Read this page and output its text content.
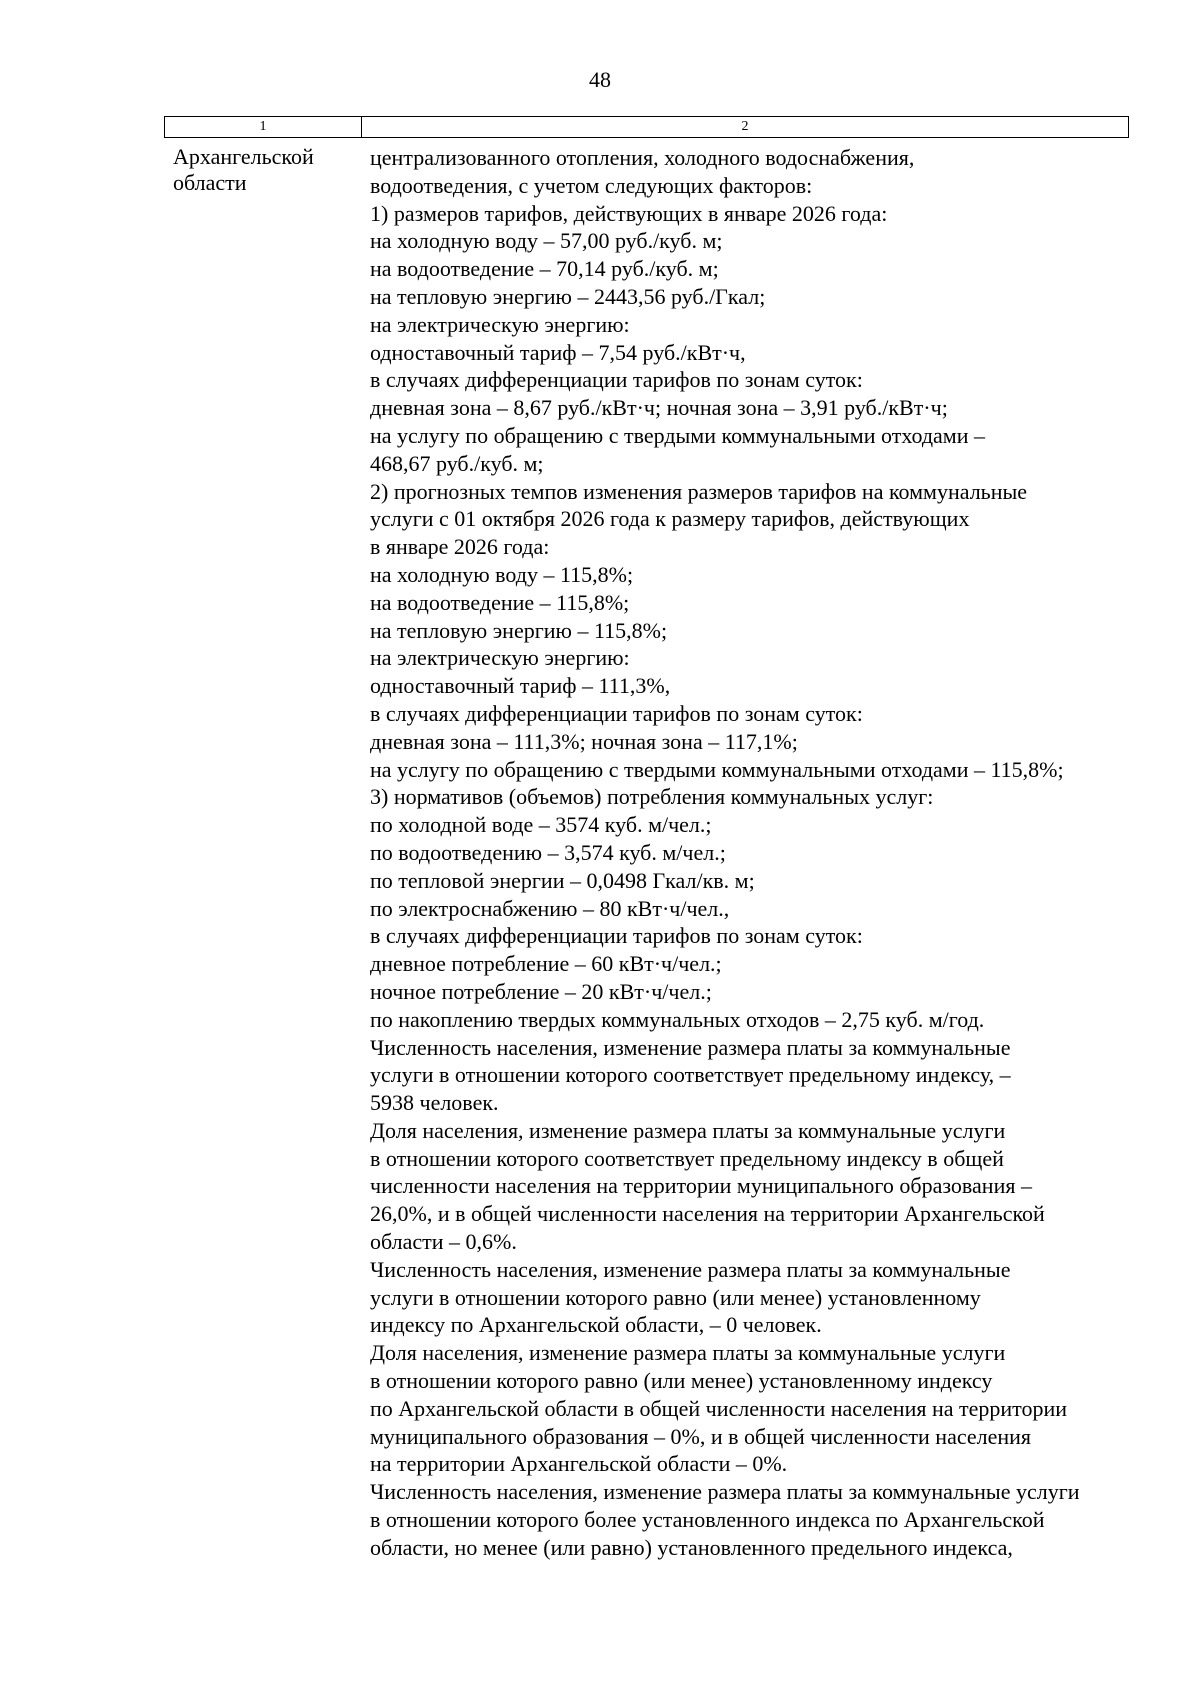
48
1	2
Архангельской
области
централизованного отопления, холодного водоснабжения,
водоотведения, с учетом следующих факторов:
1) размеров тарифов, действующих в январе 2026 года:
на холодную воду – 57,00 руб./куб. м;
на водоотведение – 70,14 руб./куб. м;
на тепловую энергию – 2443,56 руб./Гкал;
на электрическую энергию:
одноставочный тариф – 7,54 руб./кВт·ч,
в случаях дифференциации тарифов по зонам суток:
дневная зона – 8,67 руб./кВт·ч; ночная зона – 3,91 руб./кВт·ч;
на услугу по обращению с твердыми коммунальными отходами –
468,67 руб./куб. м;
2) прогнозных темпов изменения размеров тарифов на коммунальные
услуги с 01 октября 2026 года к размеру тарифов, действующих
в январе 2026 года:
на холодную воду – 115,8%;
на водоотведение – 115,8%;
на тепловую энергию – 115,8%;
на электрическую энергию:
одноставочный тариф – 111,3%,
в случаях дифференциации тарифов по зонам суток:
дневная зона – 111,3%; ночная зона – 117,1%;
на услугу по обращению с твердыми коммунальными отходами – 115,8%;
3) нормативов (объемов) потребления коммунальных услуг:
по холодной воде – 3574 куб. м/чел.;
по водоотведению – 3,574 куб. м/чел.;
по тепловой энергии – 0,0498 Гкал/кв. м;
по электроснабжению – 80 кВт·ч/чел.,
в случаях дифференциации тарифов по зонам суток:
дневное потребление – 60 кВт·ч/чел.;
ночное потребление – 20 кВт·ч/чел.;
по накоплению твердых коммунальных отходов – 2,75 куб. м/год.
Численность населения, изменение размера платы за коммунальные
услуги в отношении которого соответствует предельному индексу, –
5938 человек.
Доля населения, изменение размера платы за коммунальные услуги
в отношении которого соответствует предельному индексу в общей
численности населения на территории муниципального образования –
26,0%, и в общей численности населения на территории Архангельской
области – 0,6%.
Численность населения, изменение размера платы за коммунальные
услуги в отношении которого равно (или менее) установленному
индексу по Архангельской области, – 0 человек.
Доля населения, изменение размера платы за коммунальные услуги
в отношении которого равно (или менее) установленному индексу
по Архангельской области в общей численности населения на территории
муниципального образования – 0%, и в общей численности населения
на территории Архангельской области – 0%.
Численность населения, изменение размера платы за коммунальные услуги
в отношении которого более установленного индекса по Архангельской
области, но менее (или равно) установленного предельного индекса,
